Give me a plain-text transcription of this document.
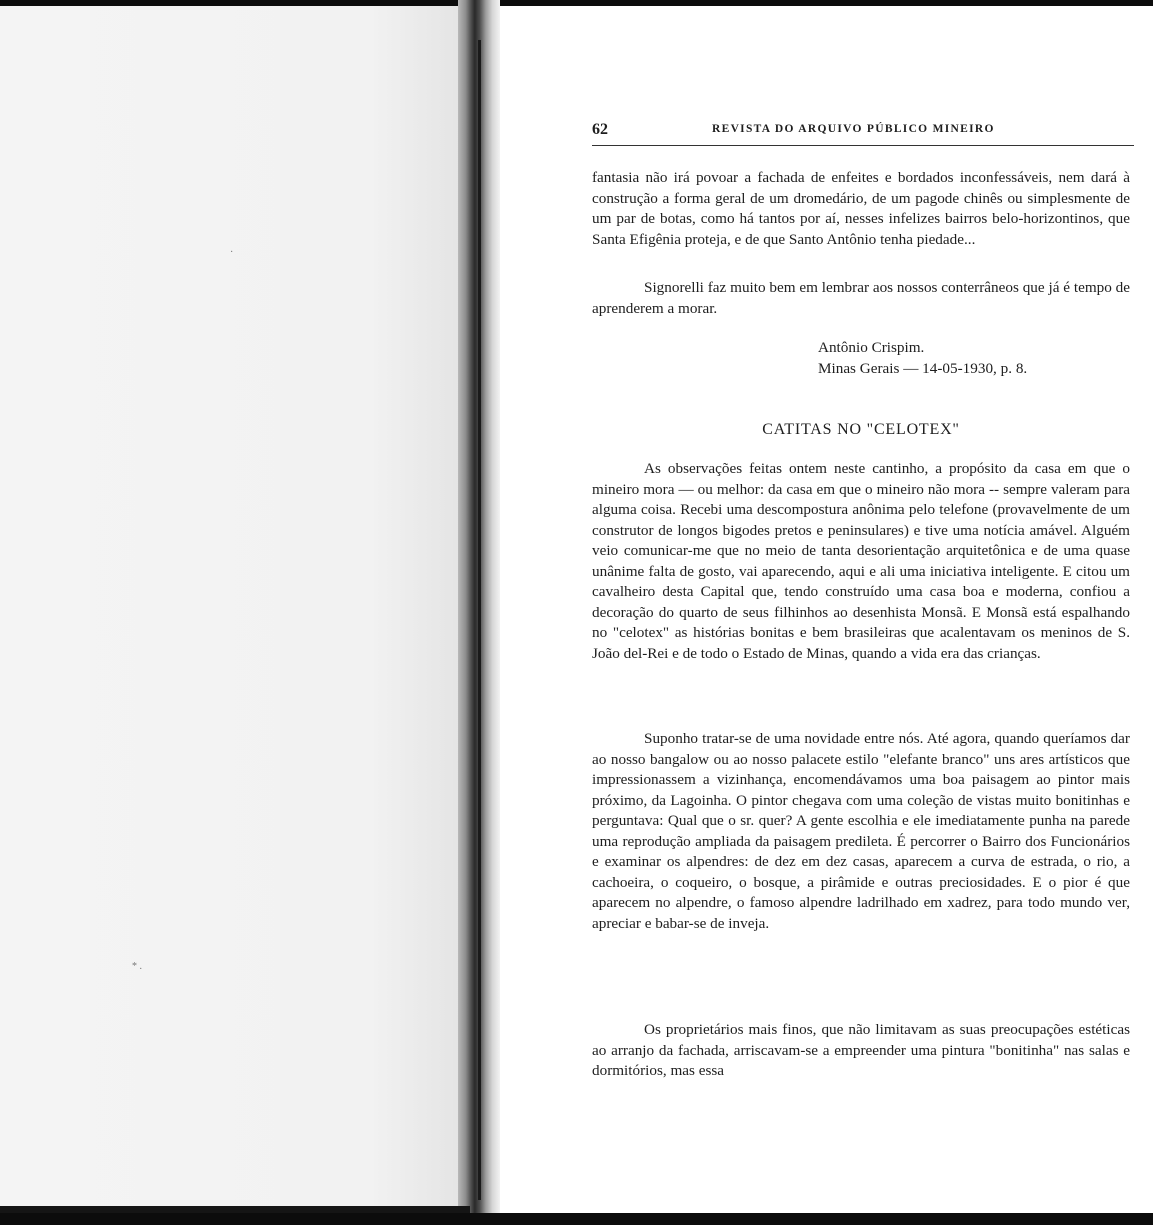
·
* .
62	REVISTA DO ARQUIVO PÚBLICO MINEIRO
fantasia não irá povoar a fachada de enfeites e bordados inconfessáveis, nem dará à construção a forma geral de um dromedário, de um pagode chinês ou simplesmente de um par de botas, como há tantos por aí, nesses infelizes bairros belo-horizontinos, que Santa Efigênia proteja, e de que Santo Antônio tenha piedade...
Signorelli faz muito bem em lembrar aos nossos conterrâneos que já é tempo de aprenderem a morar.
Antônio Crispim.
Minas Gerais — 14-05-1930, p. 8.
CATITAS NO "CELOTEX"
As observações feitas ontem neste cantinho, a propósito da casa em que o mineiro mora — ou melhor: da casa em que o mineiro não mora -- sempre valeram para alguma coisa. Recebi uma descompostura anônima pelo telefone (provavelmente de um construtor de longos bigodes pretos e peninsulares) e tive uma notícia amável. Alguém veio comunicar-me que no meio de tanta desorientação arquitetônica e de uma quase unânime falta de gosto, vai aparecendo, aqui e ali uma iniciativa inteligente. E citou um cavalheiro desta Capital que, tendo construído uma casa boa e moderna, confiou a decoração do quarto de seus filhinhos ao desenhista Monsã. E Monsã está espalhando no "celotex" as histórias bonitas e bem brasileiras que acalentavam os meninos de S. João del-Rei e de todo o Estado de Minas, quando a vida era das crianças.
Suponho tratar-se de uma novidade entre nós. Até agora, quando queríamos dar ao nosso bangalow ou ao nosso palacete estilo "elefante branco" uns ares artísticos que impressionassem a vizinhança, encomendávamos uma boa paisagem ao pintor mais próximo, da Lagoinha. O pintor chegava com uma coleção de vistas muito bonitinhas e perguntava: Qual que o sr. quer? A gente escolhia e ele imediatamente punha na parede uma reprodução ampliada da paisagem predileta. É percorrer o Bairro dos Funcionários e examinar os alpendres: de dez em dez casas, aparecem a curva de estrada, o rio, a cachoeira, o coqueiro, o bosque, a pirâmide e outras preciosidades. E o pior é que aparecem no alpendre, o famoso alpendre ladrilhado em xadrez, para todo mundo ver, apreciar e babar-se de inveja.
Os proprietários mais finos, que não limitavam as suas preocupações estéticas ao arranjo da fachada, arriscavam-se a empreender uma pintura "bonitinha" nas salas e dormitórios, mas essa
